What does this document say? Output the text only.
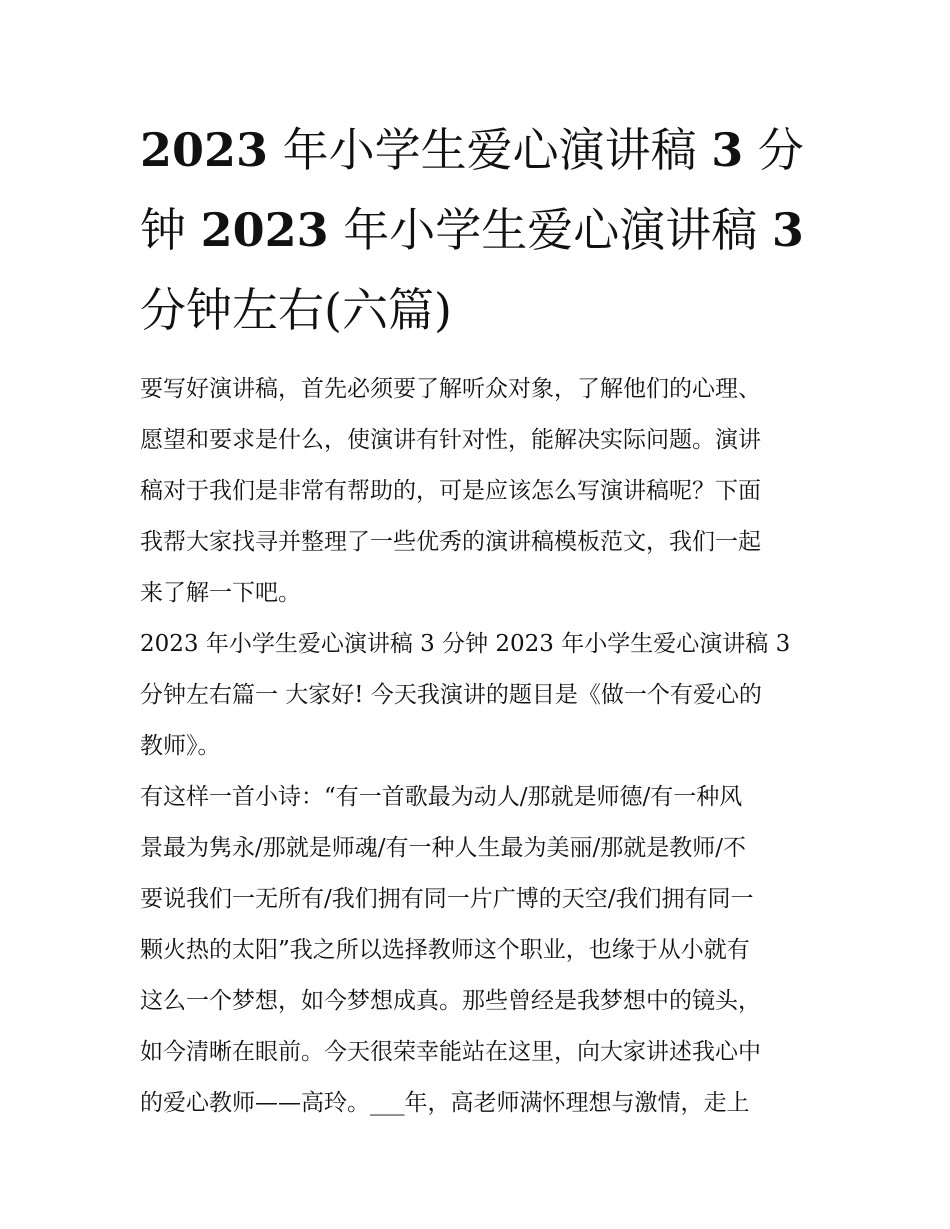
2023 年小学生爱心演讲稿 3 分
钟 2023 年小学生爱心演讲稿 3
分钟左右(六篇)

要写好演讲稿，首先必须要了解听众对象，了解他们的心理、
愿望和要求是什么，使演讲有针对性，能解决实际问题。演讲
稿对于我们是非常有帮助的，可是应该怎么写演讲稿呢？下面
我帮大家找寻并整理了一些优秀的演讲稿模板范文，我们一起
来了解一下吧。

2023 年小学生爱心演讲稿 3 分钟 2023 年小学生爱心演讲稿 3
分钟左右篇一 大家好! 今天我演讲的题目是《做一个有爱心的
教师》。

有这样一首小诗：“有一首歌最为动人/那就是师德/有一种风
景最为隽永/那就是师魂/有一种人生最为美丽/那就是教师/不
要说我们一无所有/我们拥有同一片广博的天空/我们拥有同一
颗火热的太阳”我之所以选择教师这个职业，也缘于从小就有
这么一个梦想，如今梦想成真。那些曾经是我梦想中的镜头，
如今清晰在眼前。今天很荣幸能站在这里，向大家讲述我心中
的爱心教师——高玲。___年，高老师满怀理想与激情，走上
